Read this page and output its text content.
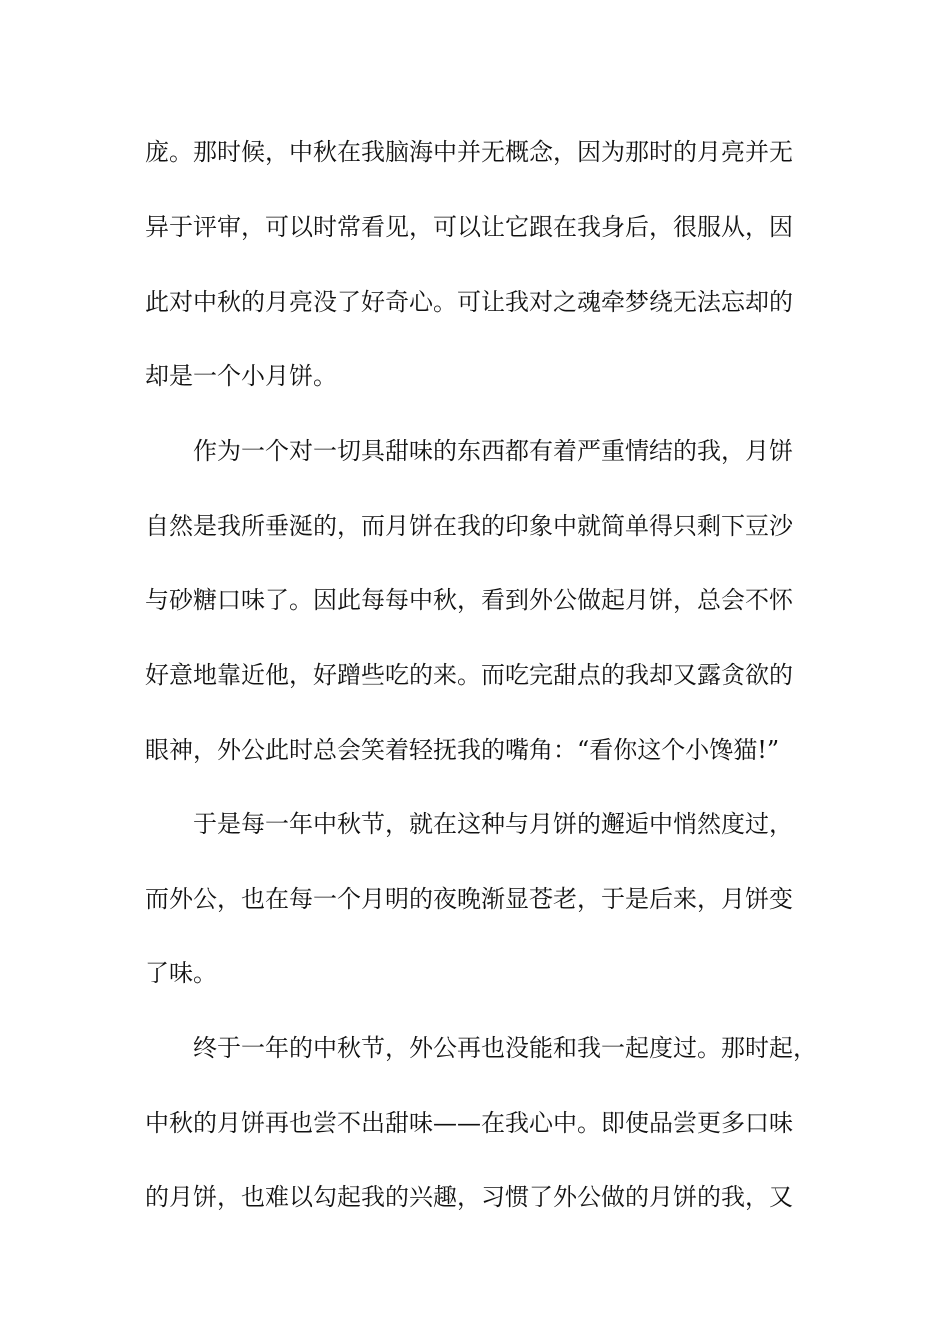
庞。那时候，中秋在我脑海中并无概念，因为那时的月亮并无
异于评审，可以时常看见，可以让它跟在我身后，很服从，因
此对中秋的月亮没了好奇心。可让我对之魂牵梦绕无法忘却的
却是一个小月饼。
作为一个对一切具甜味的东西都有着严重情结的我，月饼
自然是我所垂涎的，而月饼在我的印象中就简单得只剩下豆沙
与砂糖口味了。因此每每中秋，看到外公做起月饼，总会不怀
好意地靠近他，好蹭些吃的来。而吃完甜点的我却又露贪欲的
眼神，外公此时总会笑着轻抚我的嘴角：“看你这个小馋猫!”
于是每一年中秋节，就在这种与月饼的邂逅中悄然度过，
而外公，也在每一个月明的夜晚渐显苍老，于是后来，月饼变
了味。
终于一年的中秋节，外公再也没能和我一起度过。那时起，
中秋的月饼再也尝不出甜味——在我心中。即使品尝更多口味
的月饼，也难以勾起我的兴趣，习惯了外公做的月饼的我，又
